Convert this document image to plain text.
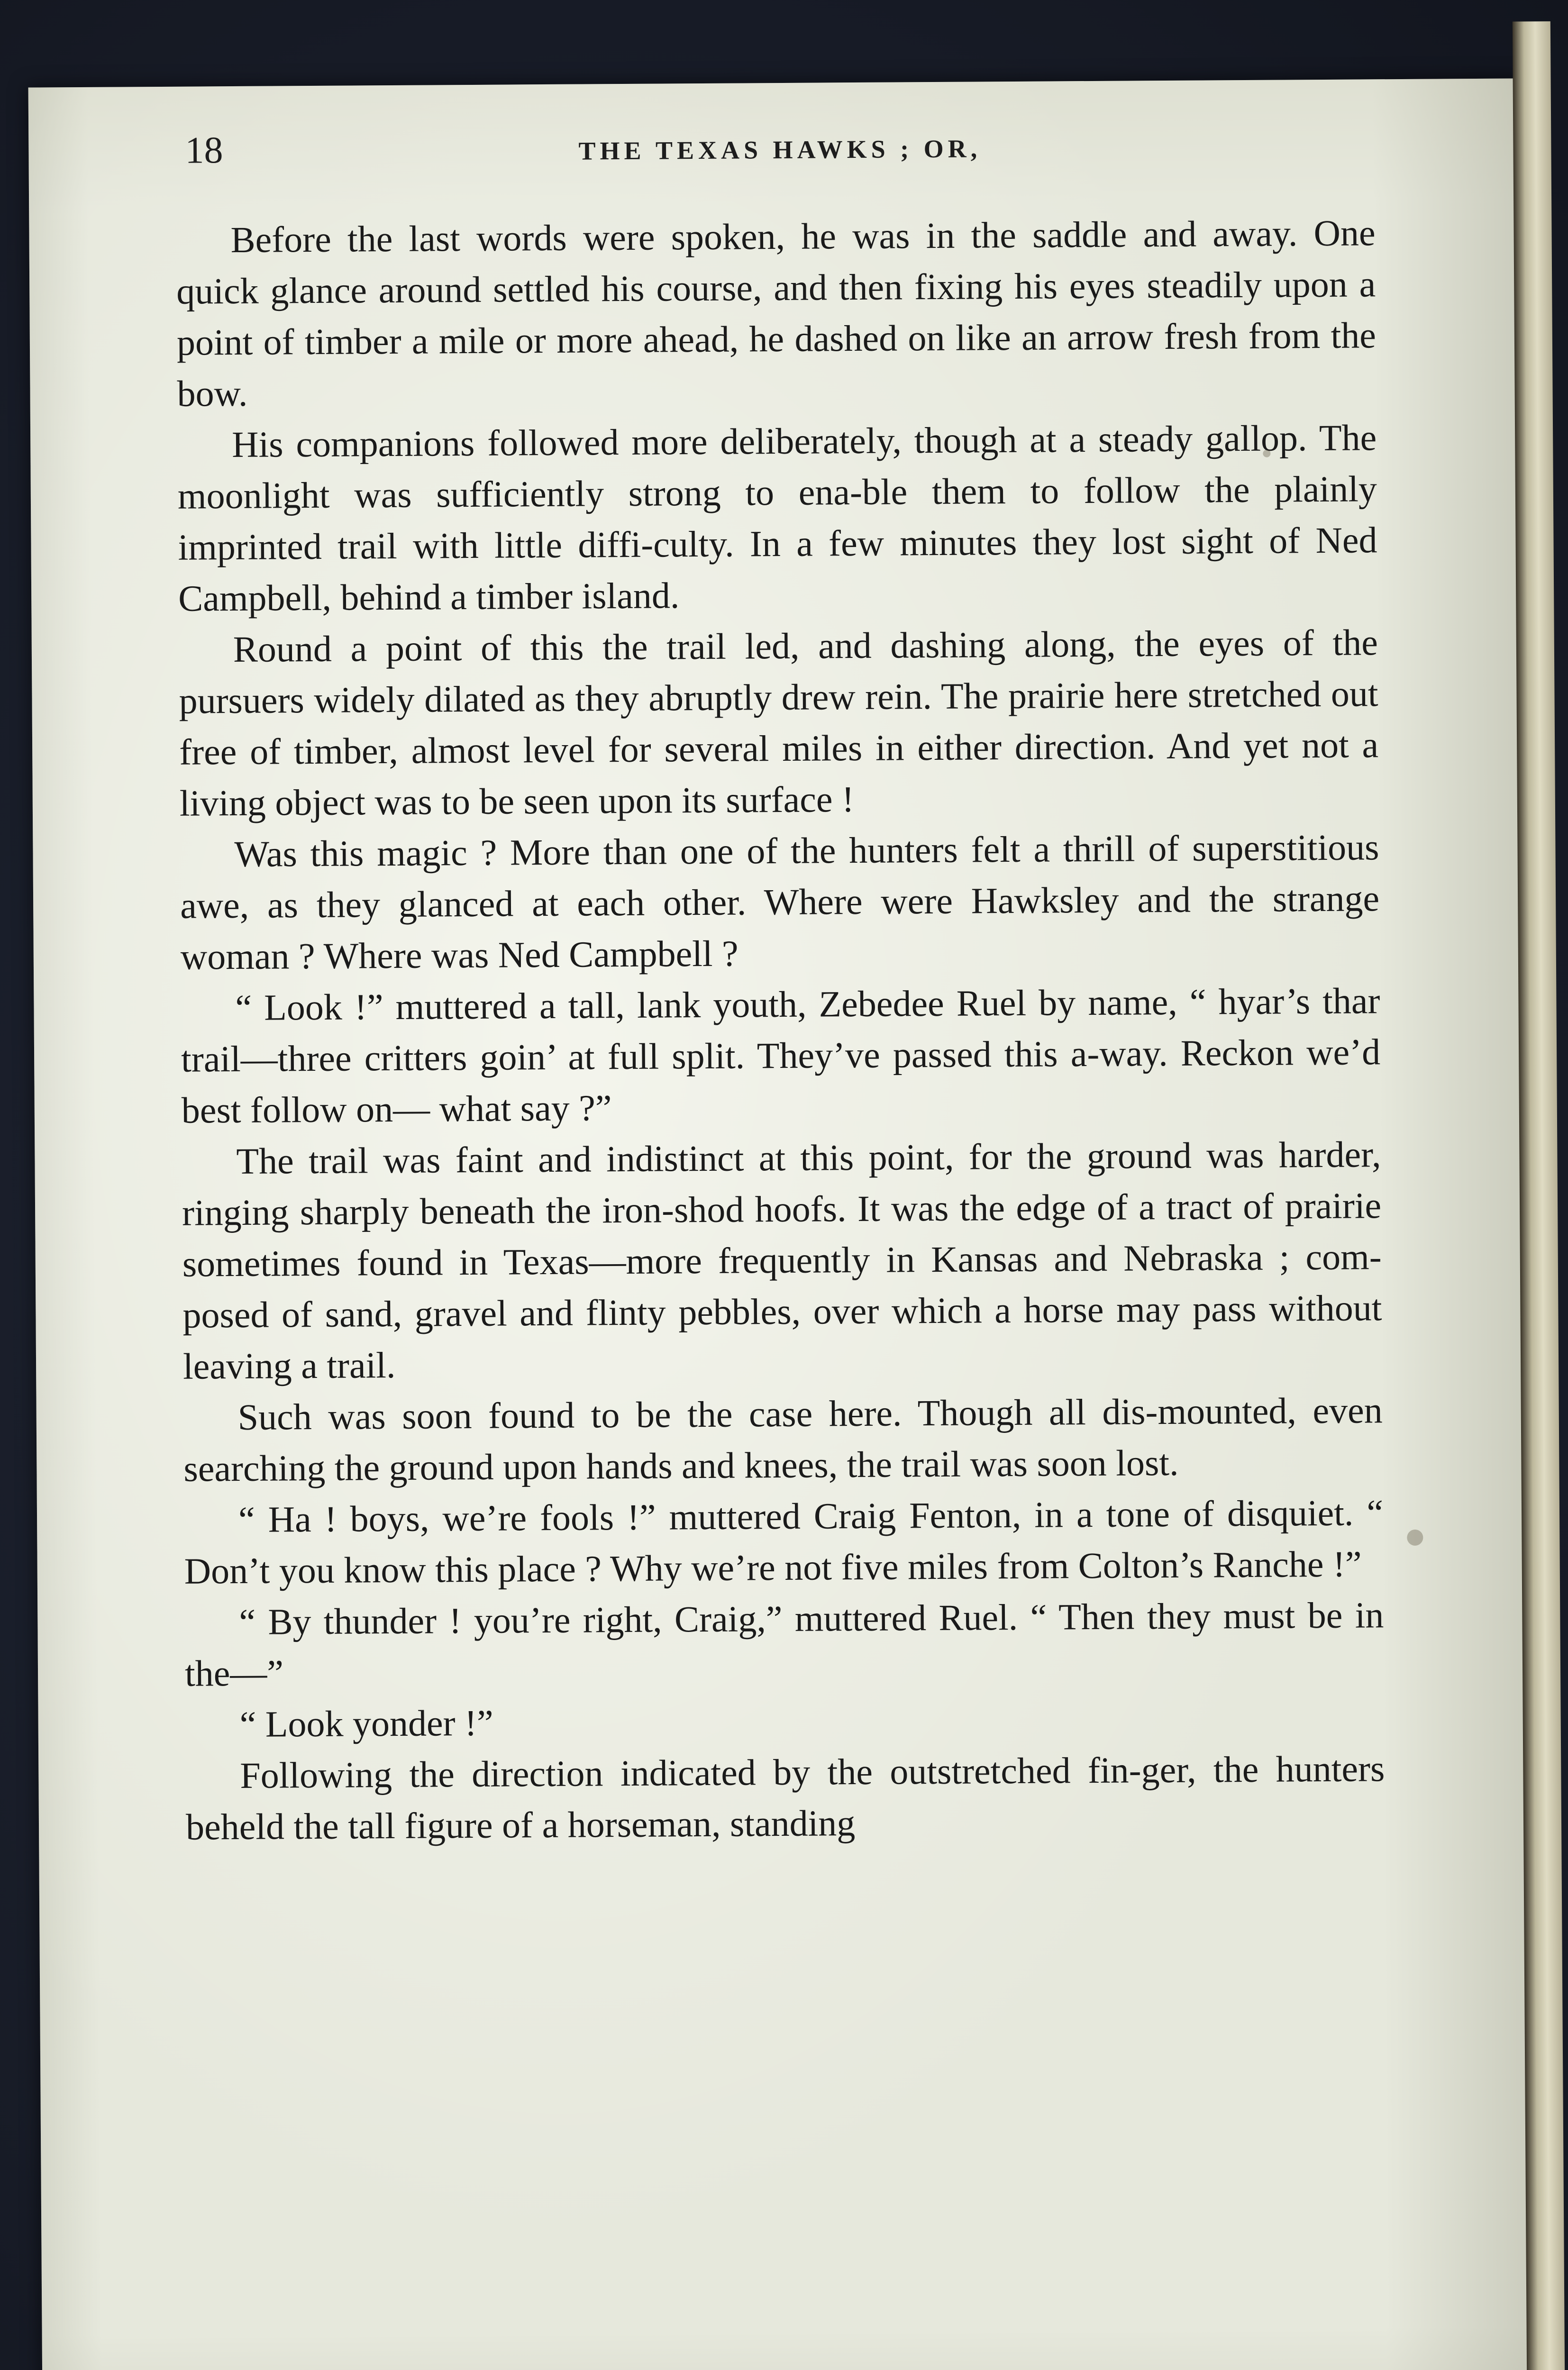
18	THE TEXAS HAWKS ; OR,

Before the last words were spoken, he was in the saddle and away. One quick glance around settled his course, and then fixing his eyes steadily upon a point of timber a mile or more ahead, he dashed on like an arrow fresh from the bow.

His companions followed more deliberately, though at a steady gallop. The moonlight was sufficiently strong to ena-ble them to follow the plainly imprinted trail with little diffi-culty. In a few minutes they lost sight of Ned Campbell, behind a timber island.

Round a point of this the trail led, and dashing along, the eyes of the pursuers widely dilated as they abruptly drew rein. The prairie here stretched out free of timber, almost level for several miles in either direction. And yet not a living object was to be seen upon its surface !

Was this magic ? More than one of the hunters felt a thrill of superstitious awe, as they glanced at each other. Where were Hawksley and the strange woman ? Where was Ned Campbell ?

“ Look !” muttered a tall, lank youth, Zebedee Ruel by name, “ hyar’s thar trail—three critters goin’ at full split. They’ve passed this a-way. Reckon we’d best follow on— what say ?”

The trail was faint and indistinct at this point, for the ground was harder, ringing sharply beneath the iron-shod hoofs. It was the edge of a tract of prairie sometimes found in Texas—more frequently in Kansas and Nebraska ; com-posed of sand, gravel and flinty pebbles, over which a horse may pass without leaving a trail.

Such was soon found to be the case here. Though all dis-mounted, even searching the ground upon hands and knees, the trail was soon lost.

“ Ha ! boys, we’re fools !” muttered Craig Fenton, in a tone of disquiet. “ Don’t you know this place ? Why we’re not five miles from Colton’s Ranche !”

“ By thunder ! you’re right, Craig,” muttered Ruel. “ Then they must be in the—”

“ Look yonder !”

Following the direction indicated by the outstretched fin-ger, the hunters beheld the tall figure of a horseman, standing
